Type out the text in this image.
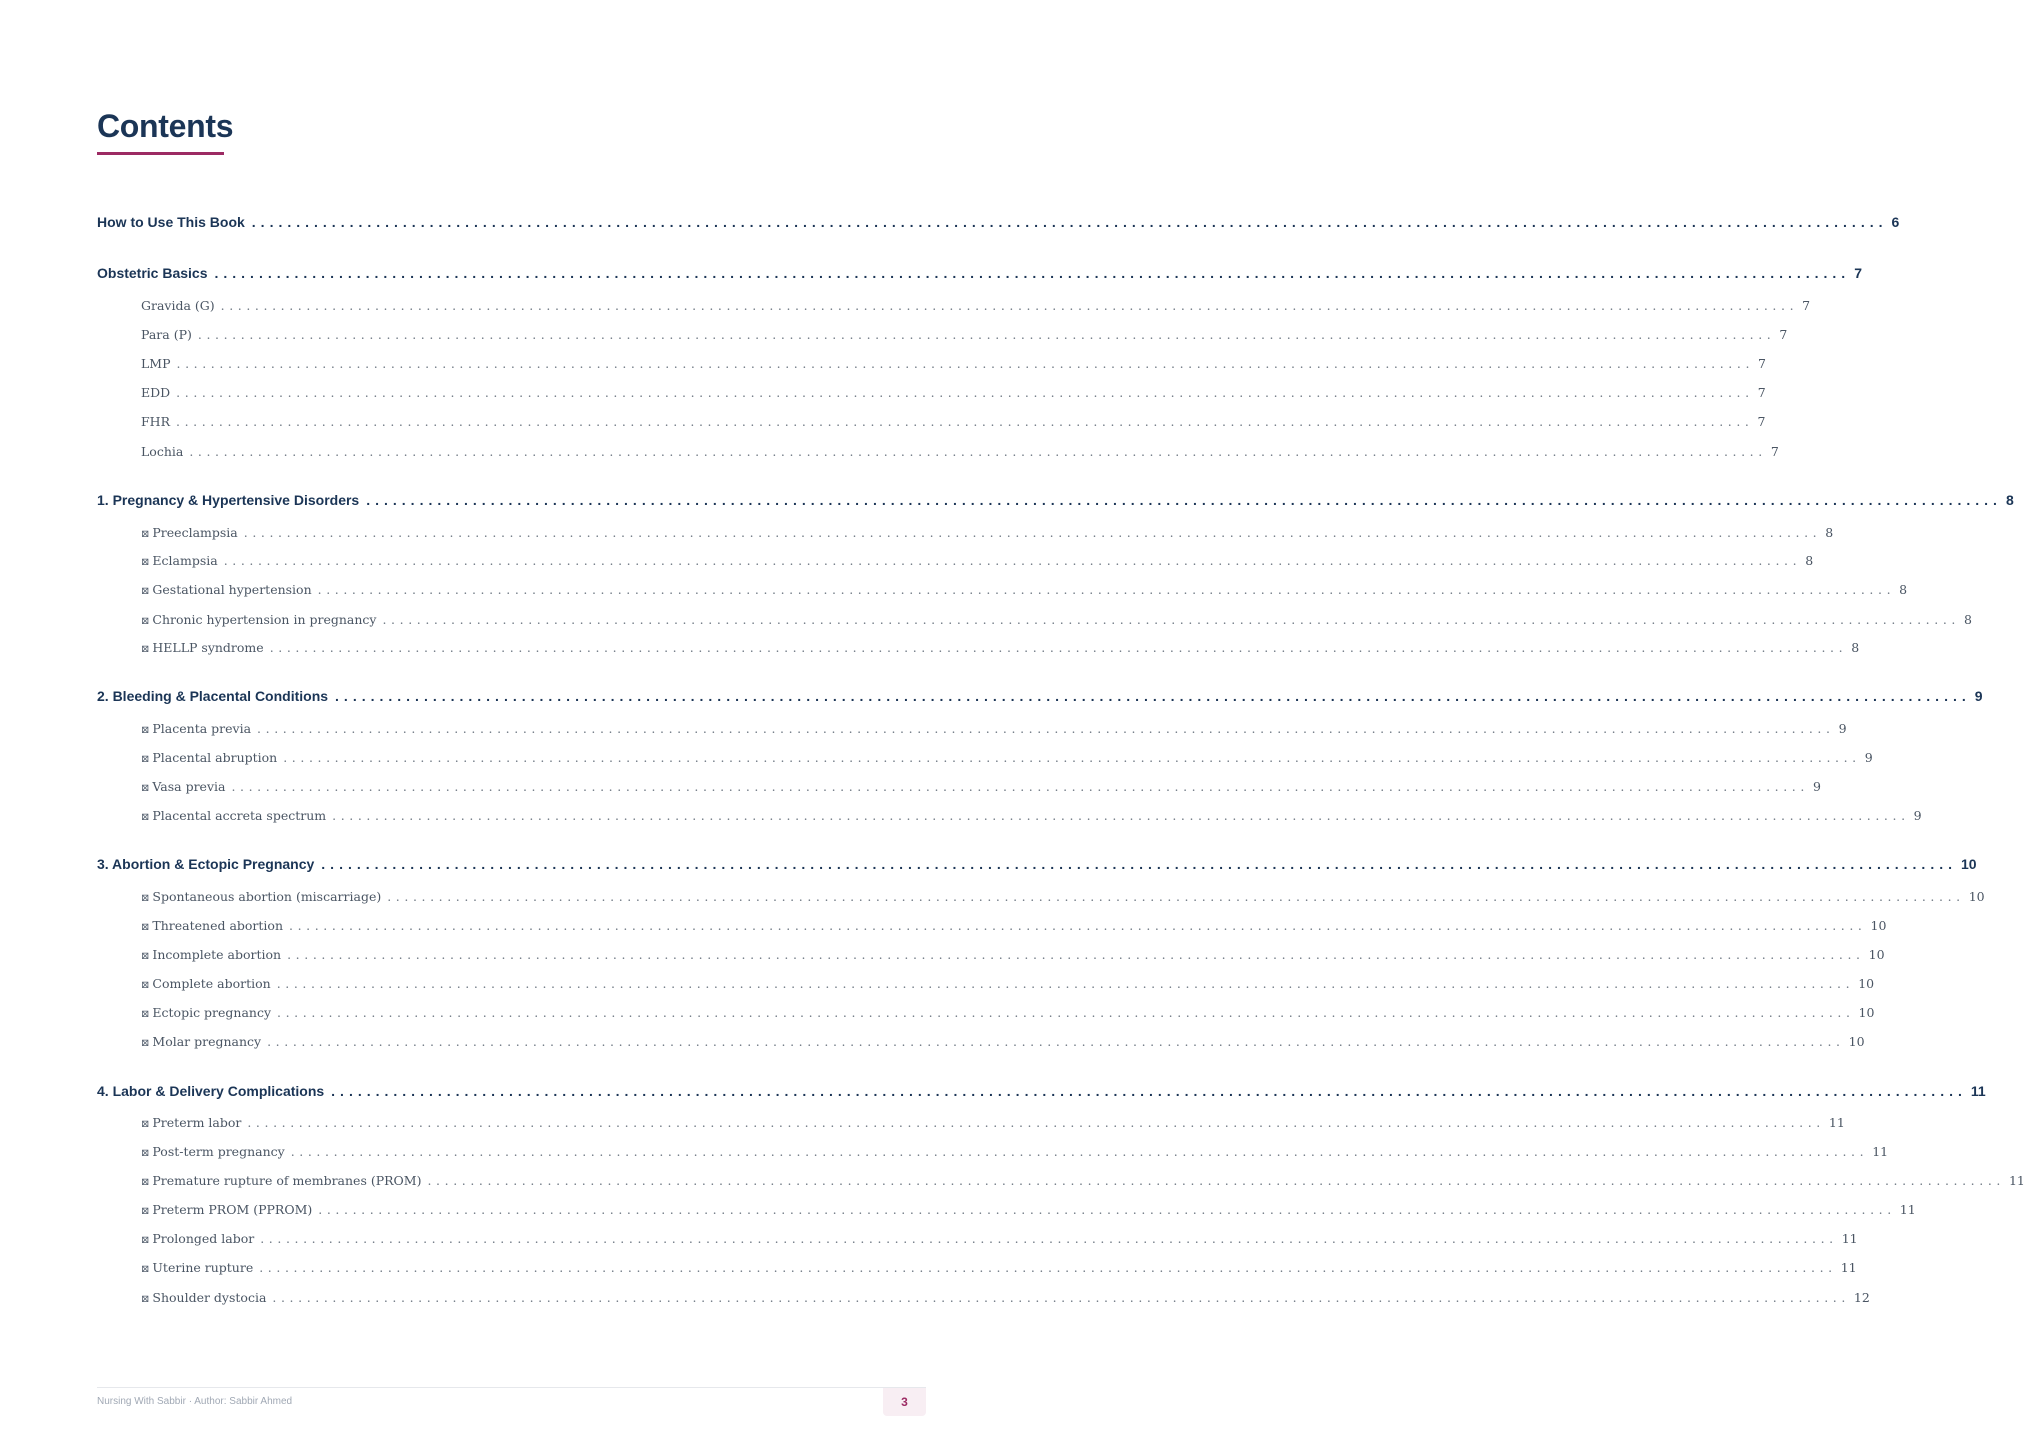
Contents
How to Use This Book ........................................................................................................................................................................................ 6
Obstetric Basics ........................................................................................................................................................................................ 7
Gravida (G) ........................................................................................................................................................................................ 7
Para (P) ........................................................................................................................................................................................ 7
LMP ........................................................................................................................................................................................ 7
EDD ........................................................................................................................................................................................ 7
FHR ........................................................................................................................................................................................ 7
Lochia ........................................................................................................................................................................................ 7
1. Pregnancy & Hypertensive Disorders ........................................................................................................................................................................................ 8
⊠ Preeclampsia ........................................................................................................................................................................................ 8
⊠ Eclampsia ........................................................................................................................................................................................ 8
⊠ Gestational hypertension ........................................................................................................................................................................................ 8
⊠ Chronic hypertension in pregnancy ........................................................................................................................................................................................ 8
⊠ HELLP syndrome ........................................................................................................................................................................................ 8
2. Bleeding & Placental Conditions ........................................................................................................................................................................................ 9
⊠ Placenta previa ........................................................................................................................................................................................ 9
⊠ Placental abruption ........................................................................................................................................................................................ 9
⊠ Vasa previa ........................................................................................................................................................................................ 9
⊠ Placental accreta spectrum ........................................................................................................................................................................................ 9
3. Abortion & Ectopic Pregnancy ........................................................................................................................................................................................ 10
⊠ Spontaneous abortion (miscarriage) ........................................................................................................................................................................................ 10
⊠ Threatened abortion ........................................................................................................................................................................................ 10
⊠ Incomplete abortion ........................................................................................................................................................................................ 10
⊠ Complete abortion ........................................................................................................................................................................................ 10
⊠ Ectopic pregnancy ........................................................................................................................................................................................ 10
⊠ Molar pregnancy ........................................................................................................................................................................................ 10
4. Labor & Delivery Complications ........................................................................................................................................................................................ 11
⊠ Preterm labor ........................................................................................................................................................................................ 11
⊠ Post-term pregnancy ........................................................................................................................................................................................ 11
⊠ Premature rupture of membranes (PROM) ........................................................................................................................................................................................ 11
⊠ Preterm PROM (PPROM) ........................................................................................................................................................................................ 11
⊠ Prolonged labor ........................................................................................................................................................................................ 11
⊠ Uterine rupture ........................................................................................................................................................................................ 11
⊠ Shoulder dystocia ........................................................................................................................................................................................ 12
Nursing With Sabbir · Author: Sabbir Ahmed	3
